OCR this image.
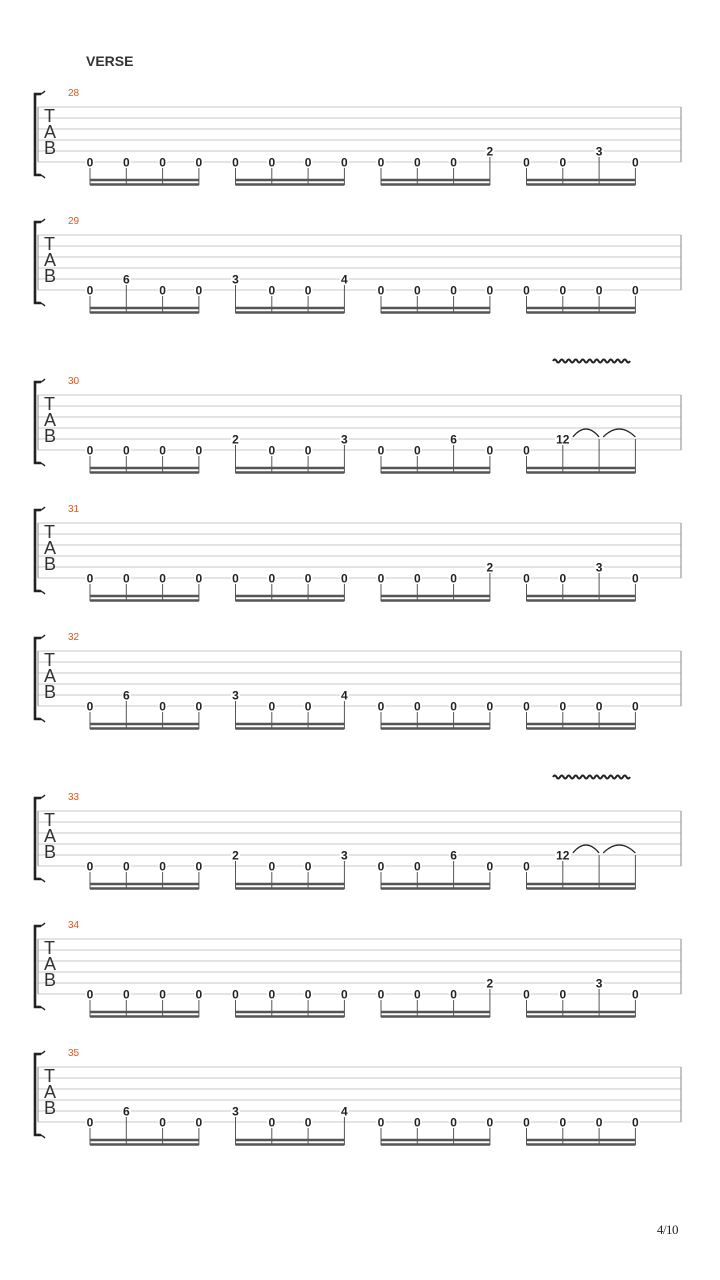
VERSE
28
T
A
B
0 0 0 0 0 0 0 0 0 0 0
2
0 0
3
0
29
T
A
B
0
6
0 0
3
0 0
4
0 0 0 0 0 0 0 0
30
T
A
B
0 0 0 0
2
0 0
3
0 0
6
0 0
12
31
T
A
B
0 0 0 0 0 0 0 0 0 0 0
2
0 0
3
0
32
T
A
B
0
6
0 0
3
0 0
4
0 0 0 0 0 0 0 0
33
T
A
B
0 0 0 0
2
0 0
3
0 0
6
0 0
12
34
T
A
B
0 0 0 0 0 0 0 0 0 0 0
2
0 0
3
0
35
T
A
B
0
6
0 0
3
0 0
4
0 0 0 0 0 0 0 0
4/10
